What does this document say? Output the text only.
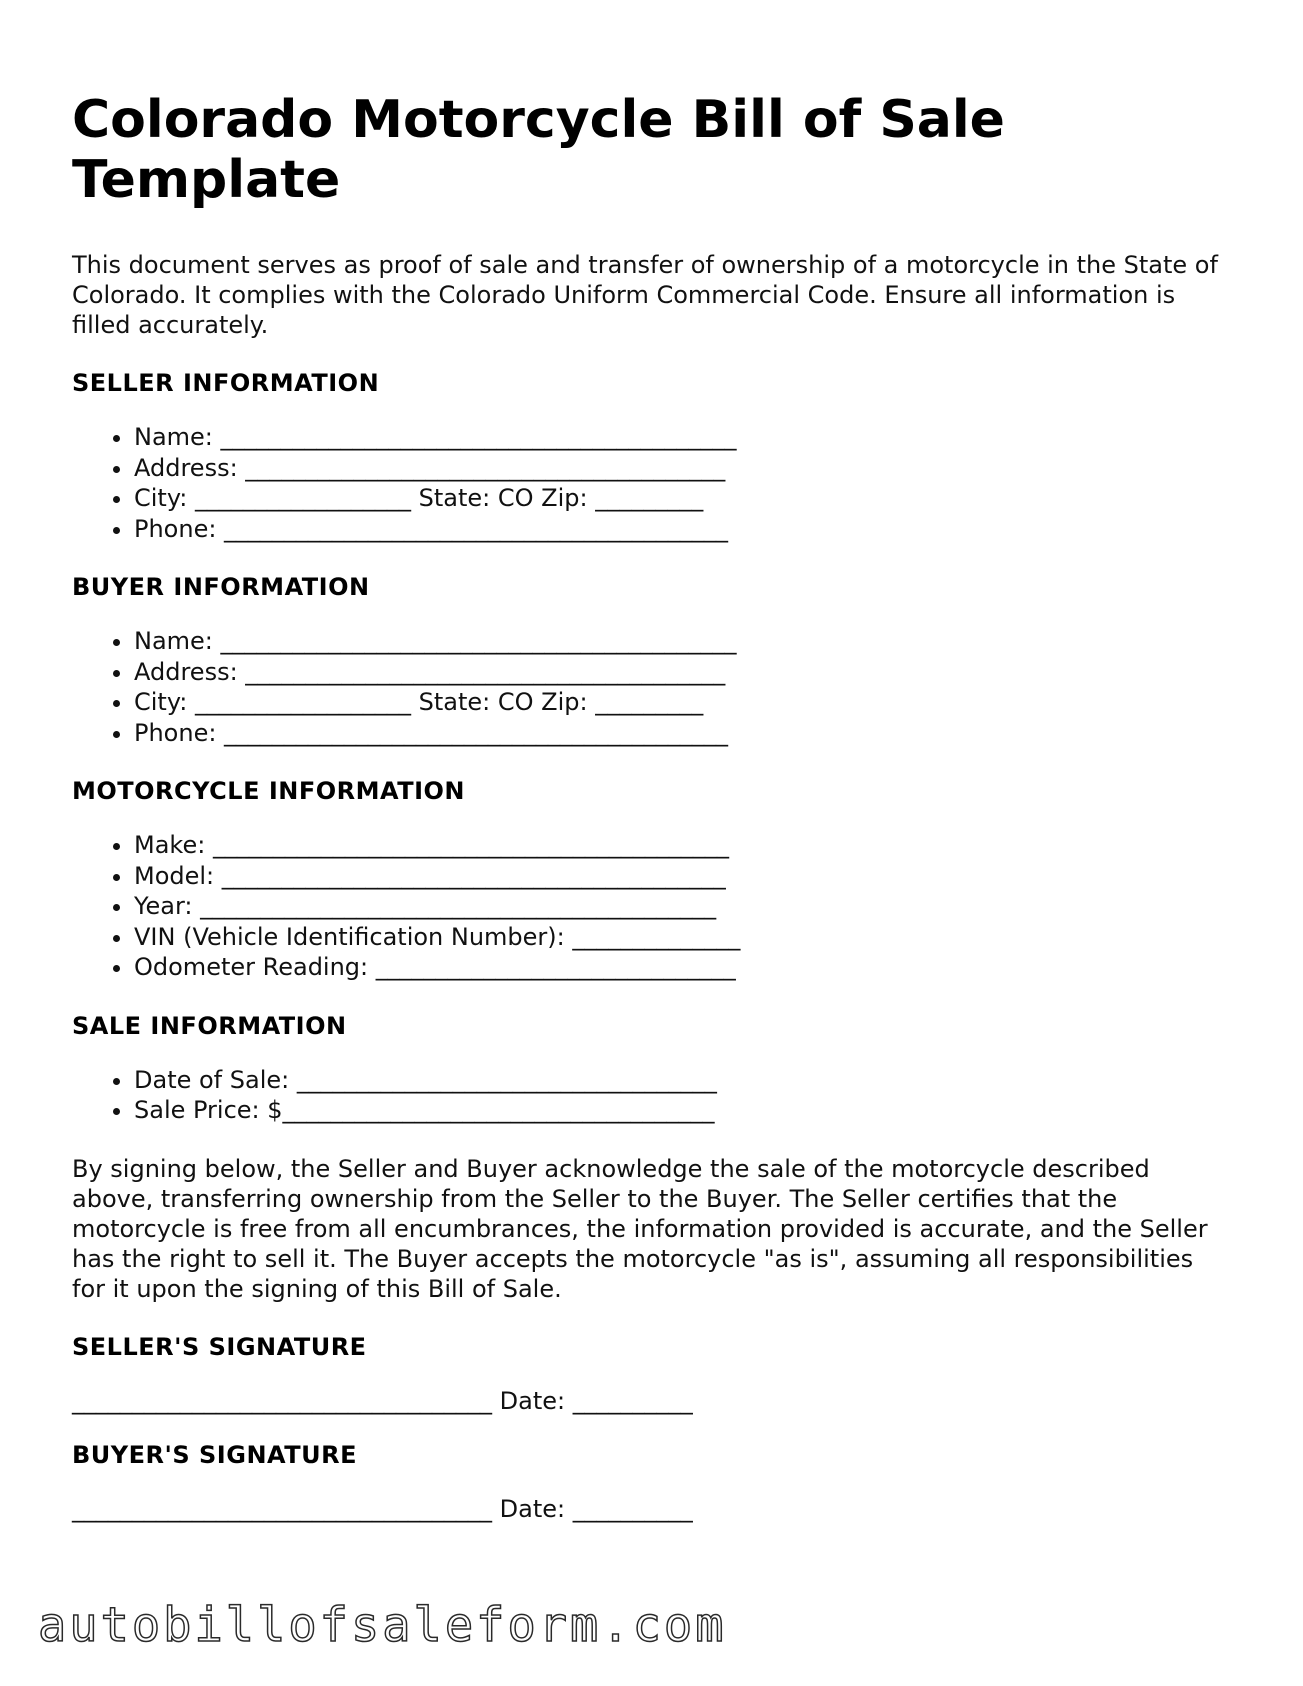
Colorado Motorcycle Bill of Sale Template

This document serves as proof of sale and transfer of ownership of a motorcycle in the State of Colorado. It complies with the Colorado Uniform Commercial Code. Ensure all information is filled accurately.

SELLER INFORMATION
• Name: ___________________________________________
• Address: ________________________________________
• City: __________________ State: CO Zip: _________
• Phone: __________________________________________
BUYER INFORMATION
• Name: ___________________________________________
• Address: ________________________________________
• City: __________________ State: CO Zip: _________
• Phone: __________________________________________
MOTORCYCLE INFORMATION
• Make: ___________________________________________
• Model: __________________________________________
• Year: ___________________________________________
• VIN (Vehicle Identification Number): ______________
• Odometer Reading: ______________________________
SALE INFORMATION
• Date of Sale: ___________________________________
• Sale Price: $____________________________________

By signing below, the Seller and Buyer acknowledge the sale of the motorcycle described above, transferring ownership from the Seller to the Buyer. The Seller certifies that the motorcycle is free from all encumbrances, the information provided is accurate, and the Seller has the right to sell it. The Buyer accepts the motorcycle "as is", assuming all responsibilities for it upon the signing of this Bill of Sale.

SELLER'S SIGNATURE
___________________________________ Date: __________
BUYER'S SIGNATURE
___________________________________ Date: __________
autobillofsaleform.com
